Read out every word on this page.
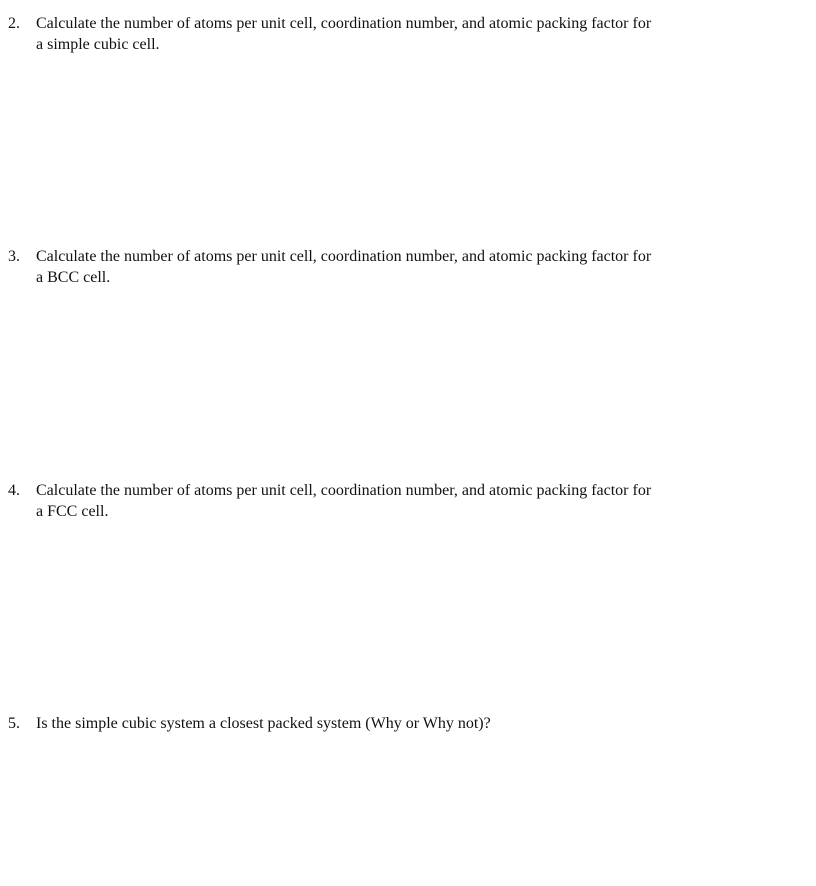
2. Calculate the number of atoms per unit cell, coordination number, and atomic packing factor for
a simple cubic cell.
3. Calculate the number of atoms per unit cell, coordination number, and atomic packing factor for
a BCC cell.
4. Calculate the number of atoms per unit cell, coordination number, and atomic packing factor for
a FCC cell.
5. Is the simple cubic system a closest packed system (Why or Why not)?
